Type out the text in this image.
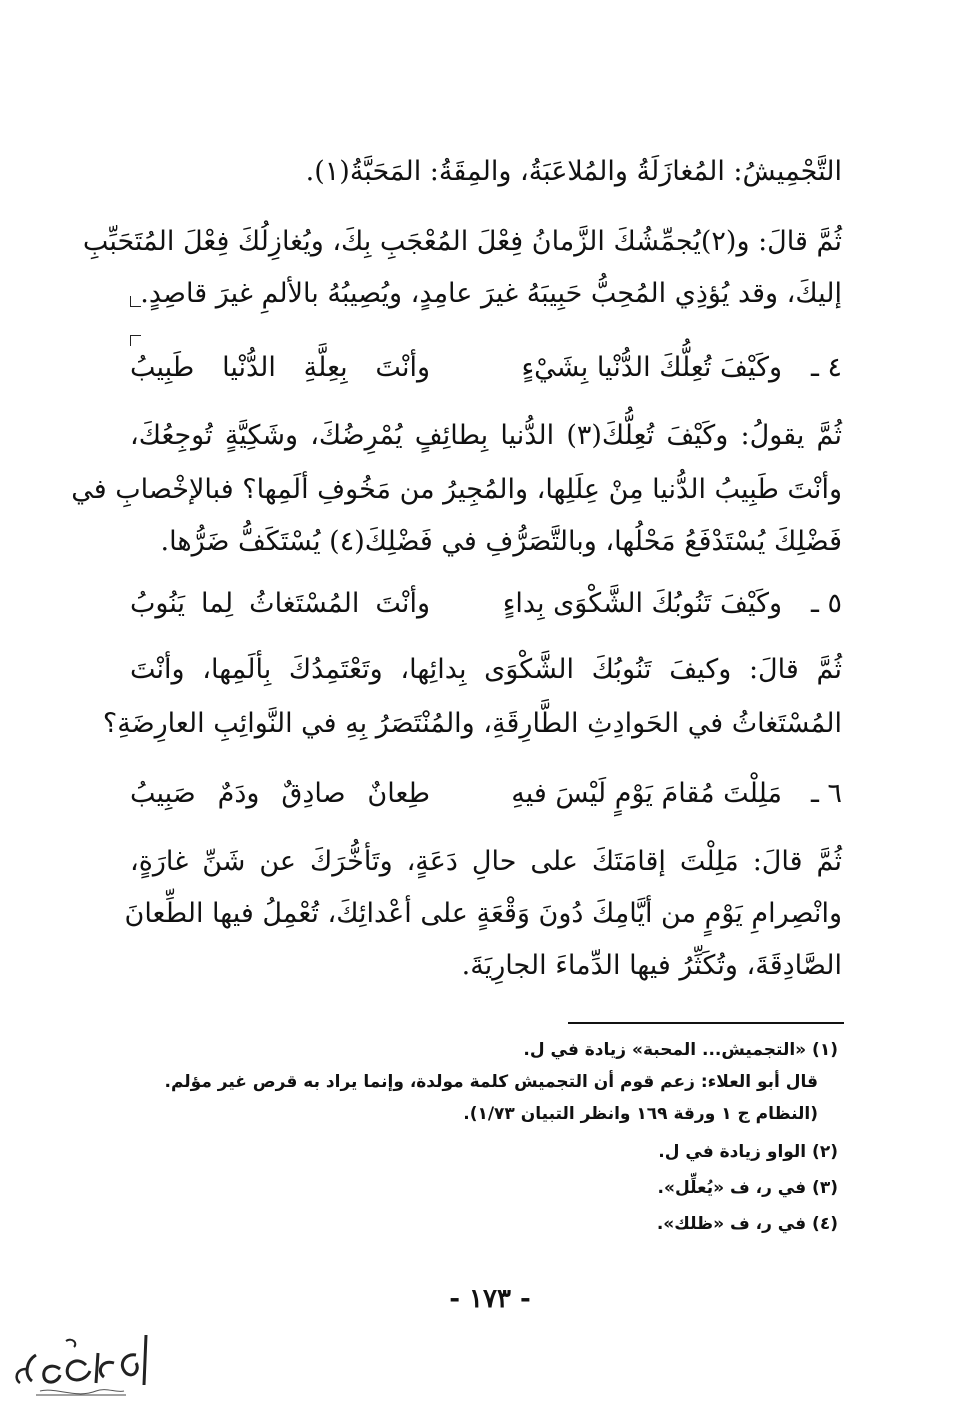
التَّجْمِيشُ: المُغازَلَةُ والمُلاعَبَةُ، والمِقَةُ: المَحَبَّةُ(١).
ثُمَّ قالَ: و(٢)يُجمِّشُكَ الزَّمانُ فِعْلَ المُعْجَبِ بِكَ، ويُغازِلُكَ فِعْلَ المُتَحَبِّبِ
إليكَ، وقد يُؤذِي المُحِبُّ حَبِيبَهُ غيرَ عامِدٍ، ويُصِيبُهُ بالألمِ غيرَ قاصِدٍ.
٤ ـ
وكَيْفَ تُعِلُّكَ الدُّنْيا بِشَيْءٍ
وأنْتَ بِعِلَّةِ الدُّنْيا طَبِيبُ
ثُمَّ يقولُ: وكَيْفَ تُعِلُّكَ(٣) الدُّنيا بِطائِفٍ يُمْرِضُكَ، وشَكِيَّةٍ تُوجِعُكَ،
وأنْتَ طَبِيبُ الدُّنيا مِنْ عِلَلِها، والمُجِيرُ من مَخُوفِ ألَمِها؟ فبالإخْصابِ في
فَضْلِكَ يُسْتَدْفَعُ مَحْلُها، وبالتَّصَرُّفِ في فَضْلِكَ(٤) يُسْتَكَفُّ ضَرُّها.
٥ ـ
وكَيْفَ تَنُوبُكَ الشَّكْوَى بِداءٍ
وأنْتَ المُسْتَغاثُ لِما يَنُوبُ
ثُمَّ قالَ: وكيفَ تَنُوبُكَ الشَّكْوَى بِدائِها، وتَعْتَمِدُكَ بِألَمِها، وأنْتَ
المُسْتَغاثُ في الحَوادِثِ الطَّارِقَةِ، والمُنْتَصَرُ بِهِ في النَّوائِبِ العارِضَةِ؟
٦ ـ
مَلِلْتَ مُقامَ يَوْمٍ لَيْسَ فيهِ
طِعانٌ صادِقٌ ودَمٌ صَبِيبُ
ثُمَّ قالَ: مَلِلْتَ إقامَتَكَ على حالِ دَعَةٍ، وتَأخُّرَكَ عن شَنِّ غارَةٍ،
وانْصِرامِ يَوْمٍ من أيَّامِكَ دُونَ وَقْعَةٍ على أعْدائِكَ، تُعْمِلُ فيها الطِّعانَ
الصَّادِقَةَ، وتُكَثِّرُ فيها الدِّماءَ الجارِيَةَ.
(١) «التجميش... المحبة» زيادة في ل.
قال أبو العلاء: زعم قوم أن التجميش كلمة مولدة، وإنما يراد به قرص غير مؤلم.
(النظام ج ١ ورقة ١٦٩ وانظر التبيان ١/٧٣).
(٢) الواو زيادة في ل.
(٣) في ر، ف «يُعلِّل».
(٤) في ر، ف «ظلك».
- ١٧٣ -
